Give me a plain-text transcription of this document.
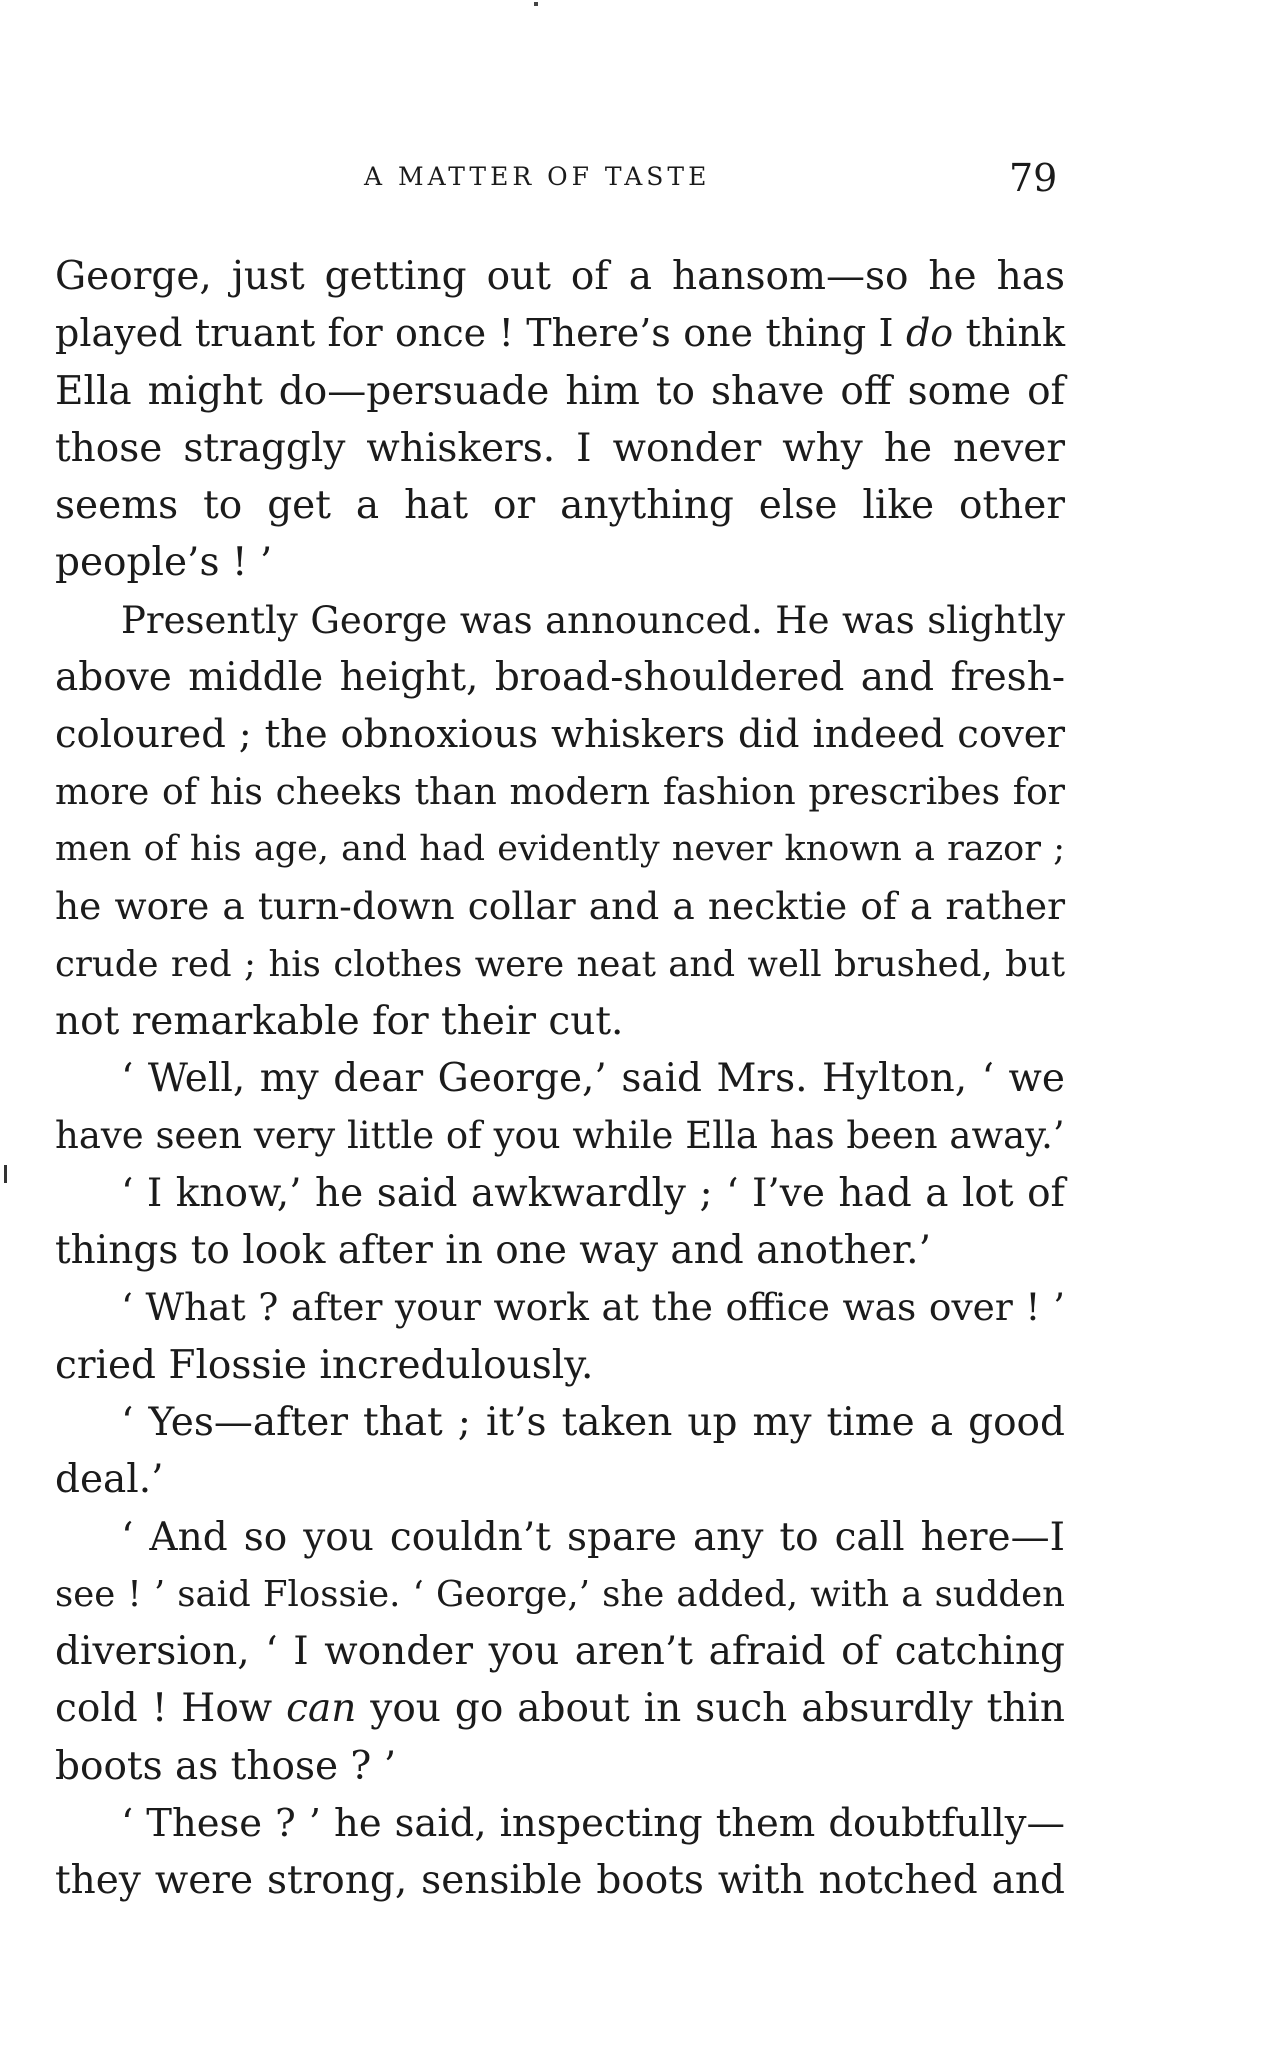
A MATTER OF TASTE	79
George, just getting out of a hansom—so he has
played truant for once ! There’s one thing I do think
Ella might do—persuade him to shave off some of
those straggly whiskers. I wonder why he never
seems to get a hat or anything else like other
people’s ! ’
Presently George was announced. He was slightly
above middle height, broad-shouldered and fresh-
coloured ; the obnoxious whiskers did indeed cover
more of his cheeks than modern fashion prescribes for
men of his age, and had evidently never known a razor ;
he wore a turn-down collar and a necktie of a rather
crude red ; his clothes were neat and well brushed, but
not remarkable for their cut.
‘ Well, my dear George,’ said Mrs. Hylton, ‘ we
have seen very little of you while Ella has been away.’
‘ I know,’ he said awkwardly ; ‘ I’ve had a lot of
things to look after in one way and another.’
‘ What ? after your work at the office was over ! ’
cried Flossie incredulously.
‘ Yes—after that ; it’s taken up my time a good
deal.’
‘ And so you couldn’t spare any to call here—I
see ! ’ said Flossie. ‘ George,’ she added, with a sudden
diversion, ‘ I wonder you aren’t afraid of catching
cold ! How can you go about in such absurdly thin
boots as those ? ’
‘ These ? ’ he said, inspecting them doubtfully—
they were strong, sensible boots with notched and
